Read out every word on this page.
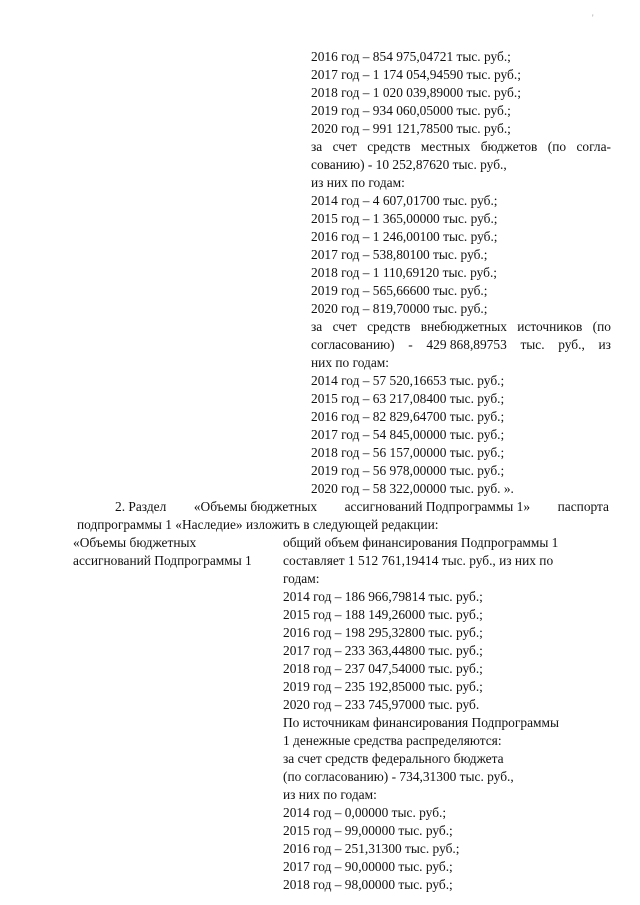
'
2016 год – 854 975,04721 тыс. руб.;
2017 год – 1 174 054,94590 тыс. руб.;
2018 год – 1 020 039,89000 тыс. руб.;
2019 год – 934 060,05000 тыс. руб.;
2020 год – 991 121,78500 тыс. руб.;
за счет средств местных бюджетов (по согла-
сованию) - 10 252,87620 тыс. руб.,
из них по годам:
2014 год – 4 607,01700 тыс. руб.;
2015 год – 1 365,00000 тыс. руб.;
2016 год – 1 246,00100 тыс. руб.;
2017 год – 538,80100 тыс. руб.;
2018 год – 1 110,69120 тыс. руб.;
2019 год – 565,66600 тыс. руб.;
2020 год – 819,70000 тыс. руб.;
за счет средств внебюджетных источников (по
согласованию) - 429 868,89753 тыс. руб., из
них по годам:
2014 год – 57 520,16653 тыс. руб.;
2015 год – 63 217,08400 тыс. руб.;
2016 год – 82 829,64700 тыс. руб.;
2017 год – 54 845,00000 тыс. руб.;
2018 год – 56 157,00000 тыс. руб.;
2019 год – 56 978,00000 тыс. руб.;
2020 год – 58 322,00000 тыс. руб. ».
2. Раздел «Объемы бюджетных ассигнований Подпрограммы 1» паспорта
подпрограммы 1 «Наследие» изложить в следующей редакции:
«Объемы бюджетных
ассигнований Подпрограммы 1
общий объем финансирования Подпрограммы 1
составляет 1 512 761,19414 тыс. руб., из них по
годам:
2014 год – 186 966,79814 тыс. руб.;
2015 год – 188 149,26000 тыс. руб.;
2016 год – 198 295,32800 тыс. руб.;
2017 год – 233 363,44800 тыс. руб.;
2018 год – 237 047,54000 тыс. руб.;
2019 год – 235 192,85000 тыс. руб.;
2020 год – 233 745,97000 тыс. руб.
По источникам финансирования Подпрограммы
1 денежные средства распределяются:
за счет средств федерального бюджета
(по согласованию) - 734,31300 тыс. руб.,
из них по годам:
2014 год – 0,00000 тыс. руб.;
2015 год – 99,00000 тыс. руб.;
2016 год – 251,31300 тыс. руб.;
2017 год – 90,00000 тыс. руб.;
2018 год – 98,00000 тыс. руб.;
